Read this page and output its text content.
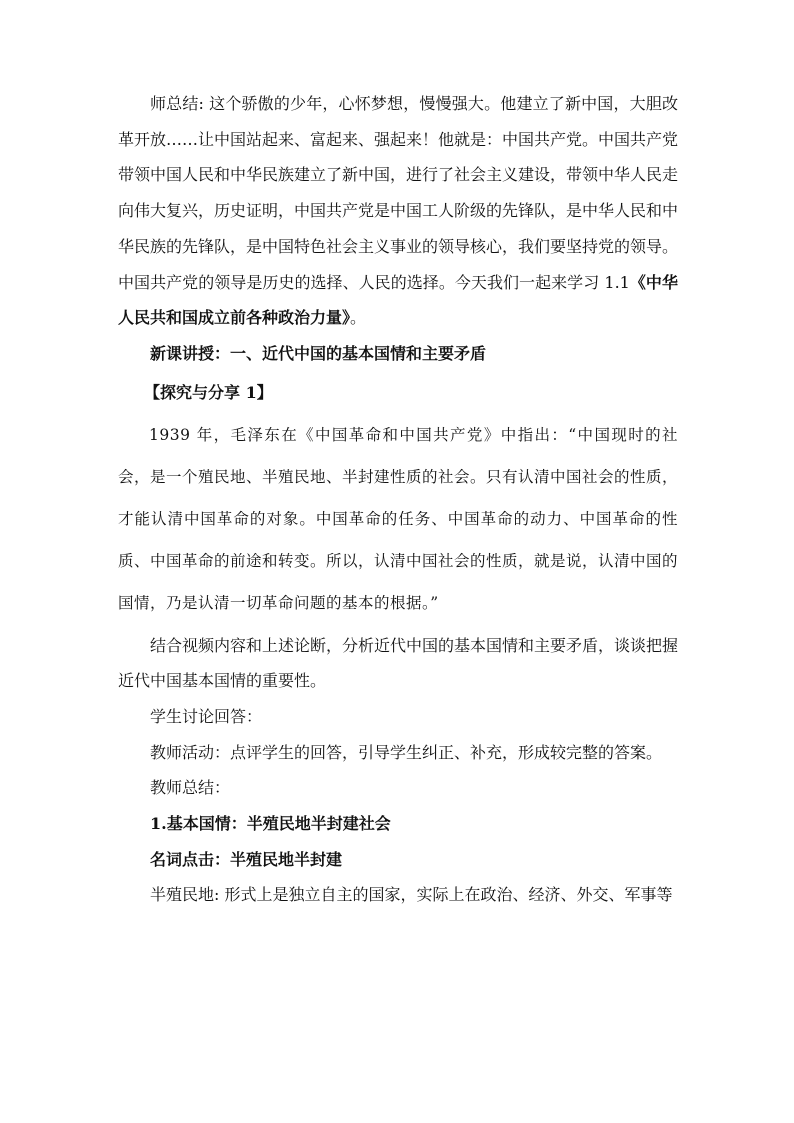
师总结: 这个骄傲的少年，心怀梦想，慢慢强大。他建立了新中国，大胆改革开放……让中国站起来、富起来、强起来！他就是：中国共产党。中国共产党带领中国人民和中华民族建立了新中国，进行了社会主义建设，带领中华人民走向伟大复兴，历史证明，中国共产党是中国工人阶级的先锋队，是中华人民和中华民族的先锋队，是中国特色社会主义事业的领导核心，我们要坚持党的领导。中国共产党的领导是历史的选择、人民的选择。今天我们一起来学习 1.1《中华人民共和国成立前各种政治力量》。

新课讲授：一、近代中国的基本国情和主要矛盾

【探究与分享 1】

1939 年，毛泽东在《中国革命和中国共产党》中指出：“中国现时的社会，是一个殖民地、半殖民地、半封建性质的社会。只有认清中国社会的性质，才能认清中国革命的对象。中国革命的任务、中国革命的动力、中国革命的性质、中国革命的前途和转变。所以，认清中国社会的性质，就是说，认清中国的国情，乃是认清一切革命问题的基本的根据。”

结合视频内容和上述论断，分析近代中国的基本国情和主要矛盾，谈谈把握近代中国基本国情的重要性。

学生讨论回答：

教师活动：点评学生的回答，引导学生纠正、补充，形成较完整的答案。

教师总结：

1.基本国情：半殖民地半封建社会

名词点击：半殖民地半封建

半殖民地: 形式上是独立自主的国家，实际上在政治、经济、外交、军事等
